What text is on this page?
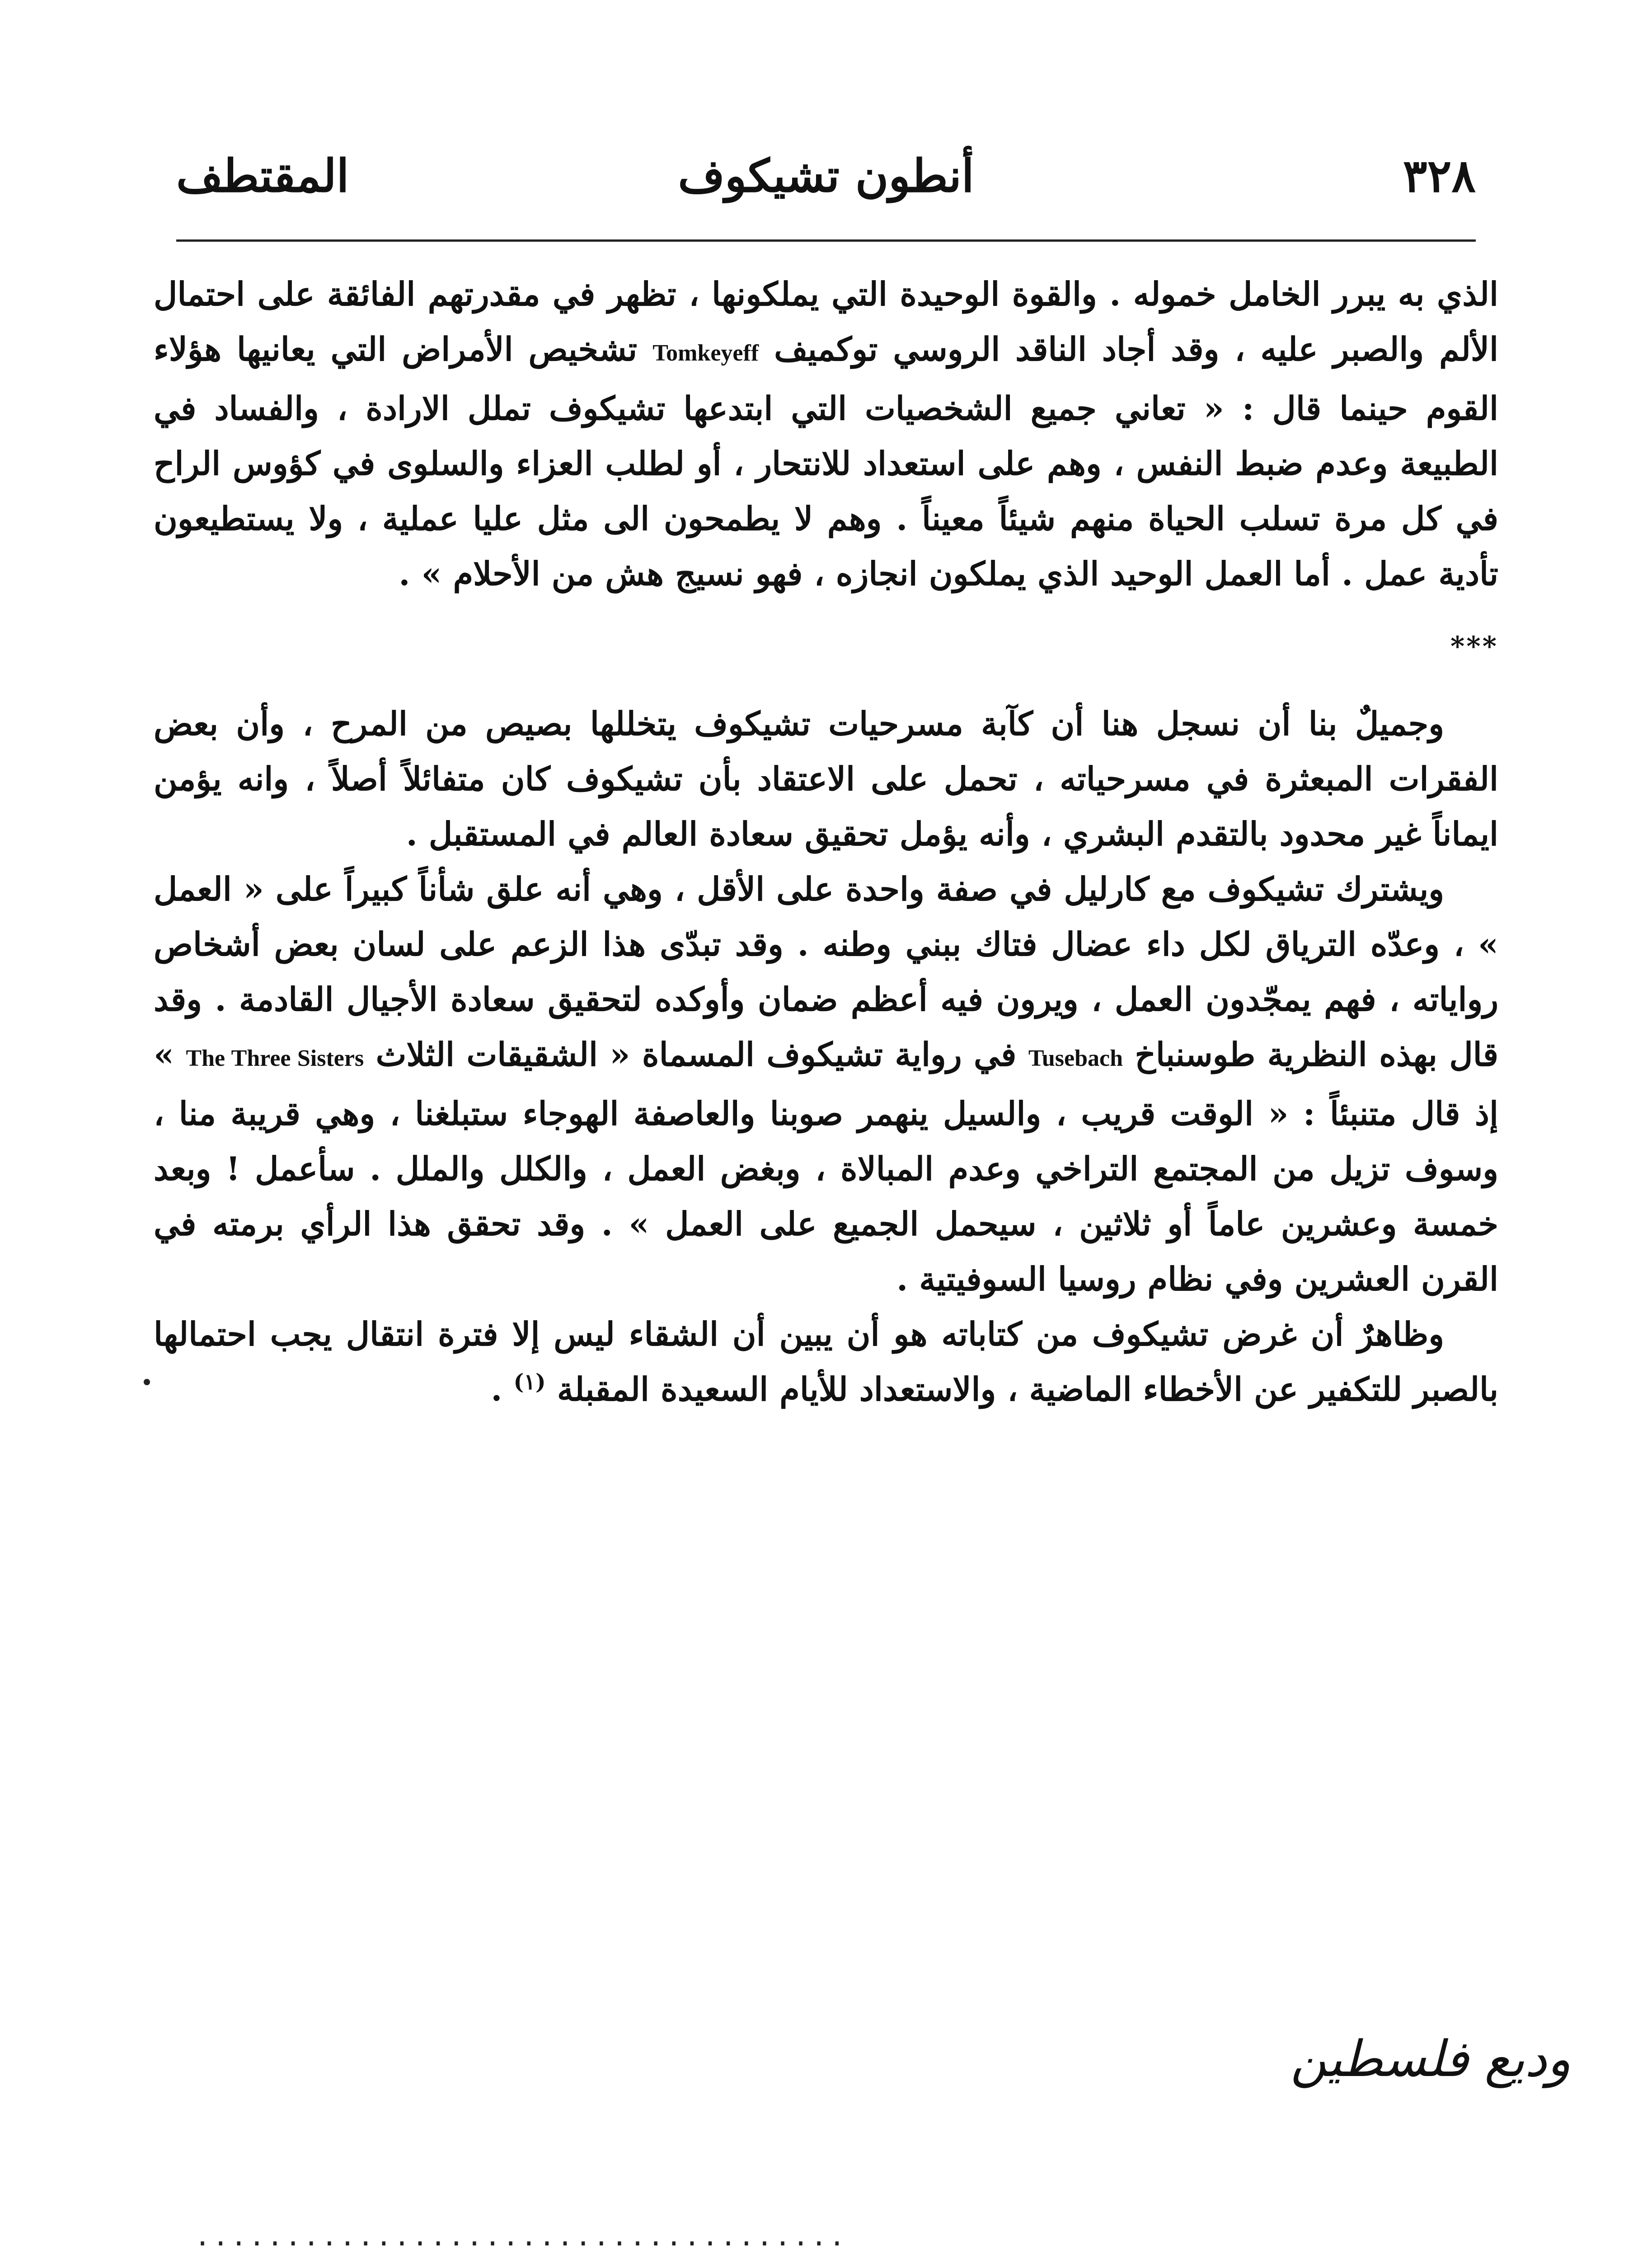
٣٢٨
أنطون تشيكوف
المقتطف

الذي به يبرر الخامل خموله . والقوة الوحيدة التي يملكونها ، تظهر في مقدرتهم الفائقة على احتمال الألم والصبر عليه ، وقد أجاد الناقد الروسي توكميف Tomkeyeff تشخيص الأمراض التي يعانيها هؤلاء القوم حينما قال : « تعاني جميع الشخصيات التي ابتدعها تشيكوف تملل الارادة ، والفساد في الطبيعة وعدم ضبط النفس ، وهم على استعداد للانتحار ، أو لطلب العزاء والسلوى في كؤوس الراح في كل مرة تسلب الحياة منهم شيئاً معيناً . وهم لا يطمحون الى مثل عليا عملية ، ولا يستطيعون تأدية عمل . أما العمل الوحيد الذي يملكون انجازه ، فهو نسيج هش من الأحلام » .

***

وجميلٌ بنا أن نسجل هنا أن كآبة مسرحيات تشيكوف يتخللها بصيص من المرح ، وأن بعض الفقرات المبعثرة في مسرحياته ، تحمل على الاعتقاد بأن تشيكوف كان متفائلاً أصلاً ، وانه يؤمن ايماناً غير محدود بالتقدم البشري ، وأنه يؤمل تحقيق سعادة العالم في المستقبل .

ويشترك تشيكوف مع كارليل في صفة واحدة على الأقل ، وهي أنه علق شأناً كبيراً على « العمل » ، وعدّه الترياق لكل داء عضال فتاك ببني وطنه . وقد تبدّى هذا الزعم على لسان بعض أشخاص رواياته ، فهم يمجّدون العمل ، ويرون فيه أعظم ضمان وأوكده لتحقيق سعادة الأجيال القادمة . وقد قال بهذه النظرية طوسنباخ Tusebach في رواية تشيكوف المسماة « الشقيقات الثلاث The Three Sisters » إذ قال متنبئاً : « الوقت قريب ، والسيل ينهمر صوبنا والعاصفة الهوجاء ستبلغنا ، وهي قريبة منا ، وسوف تزيل من المجتمع التراخي وعدم المبالاة ، وبغض العمل ، والكلل والملل . سأعمل ! وبعد خمسة وعشرين عاماً أو ثلاثين ، سيحمل الجميع على العمل » . وقد تحقق هذا الرأي برمته في القرن العشرين وفي نظام روسيا السوفيتية .

وظاهرٌ أن غرض تشيكوف من كتاباته هو أن يبين أن الشقاء ليس إلا فترة انتقال يجب احتمالها بالصبر للتكفير عن الأخطاء الماضية ، والاستعداد للأيام السعيدة المقبلة $^{(١)}$ .

وديع فلسطين
....................................
